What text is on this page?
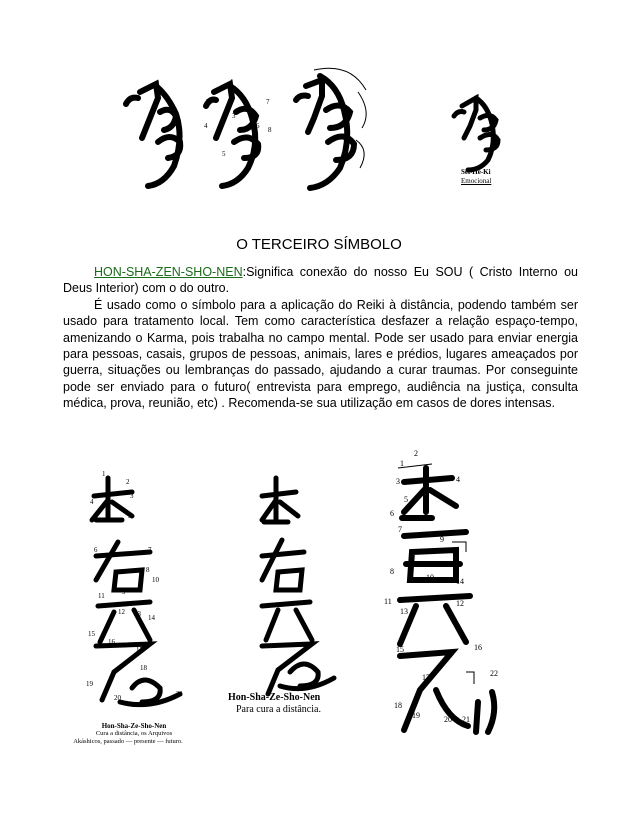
1
2
3
4
5
6
7
8
Sei-He-Ki
Emocional
O TERCEIRO SÍMBOLO

HON-SHA-ZEN-SHO-NEN:Significa conexão do nosso Eu SOU ( Cristo Interno ou Deus Interior) com o do outro.

É usado como o símbolo para a aplicação do Reiki à distância, podendo também ser usado para tratamento local. Tem como característica desfazer a relação espaço-tempo, amenizando o Karma, pois trabalha no campo mental. Pode ser usado para enviar energia para pessoas, casais, grupos de pessoas, animais, lares e prédios, lugares ameaçados por guerra, situações ou lembranças do passado, ajudando a curar traumas. Por conseguinte pode ser enviado para o futuro( entrevista para emprego, audiência na justiça, consulta médica, prova, reunião, etc) . Recomenda-se sua utilização em casos de dores intensas.

1
2
3
4
5
6	7
8
9
10
11
12 13 14
15
16
17
18
19
20	21
2
1
3	4
5
6
7
8
9
10
11	12
13
14
15	16
17
18
19	20 21
22
Hon-Sha-Ze-Sho-Nen
Cura a distância, os Arquivos
Akáshicos, passado — presente — futuro.
Hon-Sha-Ze-Sho-Nen
Para cura a distância.
